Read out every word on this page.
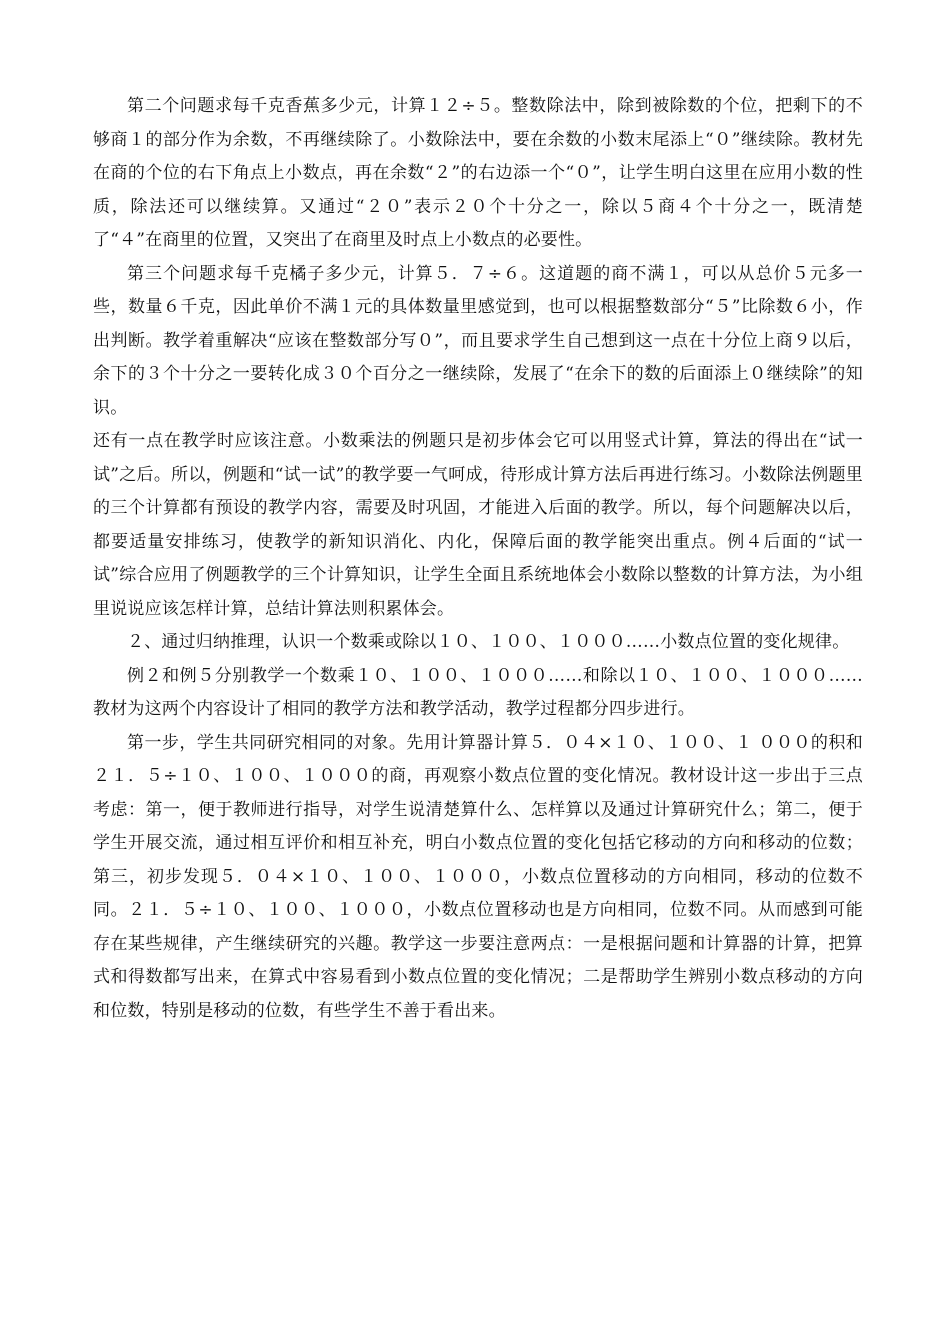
第二个问题求每千克香蕉多少元，计算１２÷５。整数除法中，除到被除数的个位，把剩下的不够商１的部分作为余数，不再继续除了。小数除法中，要在余数的小数末尾添上“０”继续除。教材先在商的个位的右下角点上小数点，再在余数“２”的右边添一个“０”，让学生明白这里在应用小数的性质，除法还可以继续算。又通过“２０”表示２０个十分之一，除以５商４个十分之一，既清楚了“４”在商里的位置，又突出了在商里及时点上小数点的必要性。

第三个问题求每千克橘子多少元，计算５．７÷６。这道题的商不满１，可以从总价５元多一些，数量６千克，因此单价不满１元的具体数量里感觉到，也可以根据整数部分“５”比除数６小，作出判断。教学着重解决“应该在整数部分写０”，而且要求学生自己想到这一点在十分位上商９以后，余下的３个十分之一要转化成３０个百分之一继续除，发展了“在余下的数的后面添上０继续除”的知识。

还有一点在教学时应该注意。小数乘法的例题只是初步体会它可以用竖式计算，算法的得出在“试一试”之后。所以，例题和“试一试”的教学要一气呵成，待形成计算方法后再进行练习。小数除法例题里的三个计算都有预设的教学内容，需要及时巩固，才能进入后面的教学。所以，每个问题解决以后，都要适量安排练习，使教学的新知识消化、内化，保障后面的教学能突出重点。例４后面的“试一试”综合应用了例题教学的三个计算知识，让学生全面且系统地体会小数除以整数的计算方法，为小组里说说应该怎样计算，总结计算法则积累体会。

２、通过归纳推理，认识一个数乘或除以１０、１００、１０００……小数点位置的变化规律。

例２和例５分别教学一个数乘１０、１００、１０００……和除以１０、１００、１０００……教材为这两个内容设计了相同的教学方法和教学活动，教学过程都分四步进行。

第一步，学生共同研究相同的对象。先用计算器计算５．０４×１０、１００、１ ０００的积和２１．５÷１０、１００、１０００的商，再观察小数点位置的变化情况。教材设计这一步出于三点考虑：第一，便于教师进行指导，对学生说清楚算什么、怎样算以及通过计算研究什么；第二，便于学生开展交流，通过相互评价和相互补充，明白小数点位置的变化包括它移动的方向和移动的位数；第三，初步发现５．０４×１０、１００、１０００，小数点位置移动的方向相同，移动的位数不同。２１．５÷１０、１００、１０００，小数点位置移动也是方向相同，位数不同。从而感到可能存在某些规律，产生继续研究的兴趣。教学这一步要注意两点：一是根据问题和计算器的计算，把算式和得数都写出来，在算式中容易看到小数点位置的变化情况；二是帮助学生辨别小数点移动的方向和位数，特别是移动的位数，有些学生不善于看出来。
